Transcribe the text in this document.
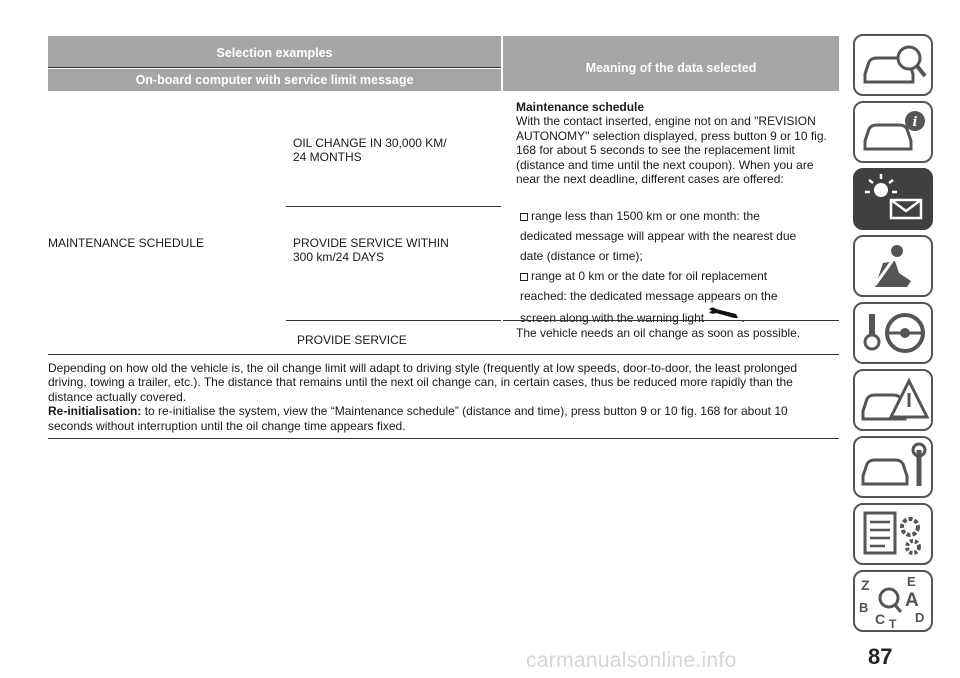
Selection examples
On-board computer with service limit message
Meaning of the data selected
MAINTENANCE SCHEDULE
OIL CHANGE IN 30,000 KM/
24 MONTHS
PROVIDE SERVICE WITHIN
300 km/24 DAYS
PROVIDE SERVICE
Maintenance schedule
With the contact inserted, engine not on and "REVISION AUTONOMY" selection displayed, press button 9 or 10 fig. 168 for about 5 seconds to see the replacement limit (distance and time until the next coupon). When you are near the next deadline, different cases are offered:
range less than 1500 km or one month: the dedicated message will appear with the nearest due date (distance or time);
range at 0 km or the date for oil replacement reached: the dedicated message appears on the screen along with the warning light	.
The vehicle needs an oil change as soon as possible.
Depending on how old the vehicle is, the oil change limit will adapt to driving style (frequently at low speeds, door-to-door, the least prolonged driving, towing a trailer, etc.). The distance that remains until the next oil change can, in certain cases, thus be reduced more rapidly than the distance actually covered.
Re-initialisation: to re-initialise the system, view the “Maintenance schedule” (distance and time), press button 9 or 10 fig. 168 for about 10 seconds without interruption until the oil change time appears fixed.
i
Z	E
B A
C T D
87
carmanualsonline.info
